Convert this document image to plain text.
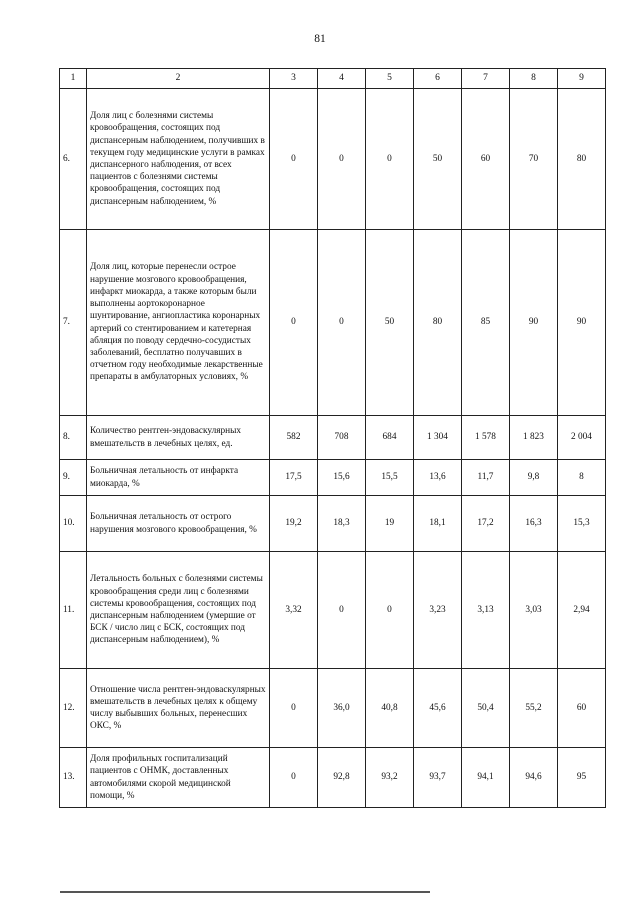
81
1	2	3	4	5	6	7	8	9
6.	Доля лиц с болезнями системы кровообращения, состоящих под диспансерным наблюдением, получивших в текущем году медицинские услуги в рамках диспансерного наблюдения, от всех пациентов с болезнями системы кровообращения, состоящих под диспансерным наблюдением, %	0	0	0	50	60	70	80
7.	Доля лиц, которые перенесли острое нарушение мозгового кровообращения, инфаркт миокарда, а также которым были выполнены аортокоронарное шунтирование, ангиопластика коронарных артерий со стентированием и катетерная абляция по поводу сердечно-сосудистых заболеваний, бесплатно получавших в отчетном году необходимые лекарственные препараты в амбулаторных условиях, %	0	0	50	80	85	90	90
8.	Количество рентген-эндоваскулярных вмешательств в лечебных целях, ед.	582	708	684	1 304	1 578	1 823	2 004
9.	Больничная летальность от инфаркта миокарда, %	17,5	15,6	15,5	13,6	11,7	9,8	8
10.	Больничная летальность от острого нарушения мозгового кровообращения, %	19,2	18,3	19	18,1	17,2	16,3	15,3
11.	Летальность больных с болезнями системы кровообращения среди лиц с болезнями системы кровообращения, состоящих под диспансерным наблюдением (умершие от БСК / число лиц с БСК, состоящих под диспансерным наблюдением), %	3,32	0	0	3,23	3,13	3,03	2,94
12.	Отношение числа рентген-эндоваскулярных вмешательств в лечебных целях к общему числу выбывших больных, перенесших ОКС, %	0	36,0	40,8	45,6	50,4	55,2	60
13.	Доля профильных госпитализаций пациентов с ОНМК, доставленных автомобилями скорой медицинской помощи, %	0	92,8	93,2	93,7	94,1	94,6	95
